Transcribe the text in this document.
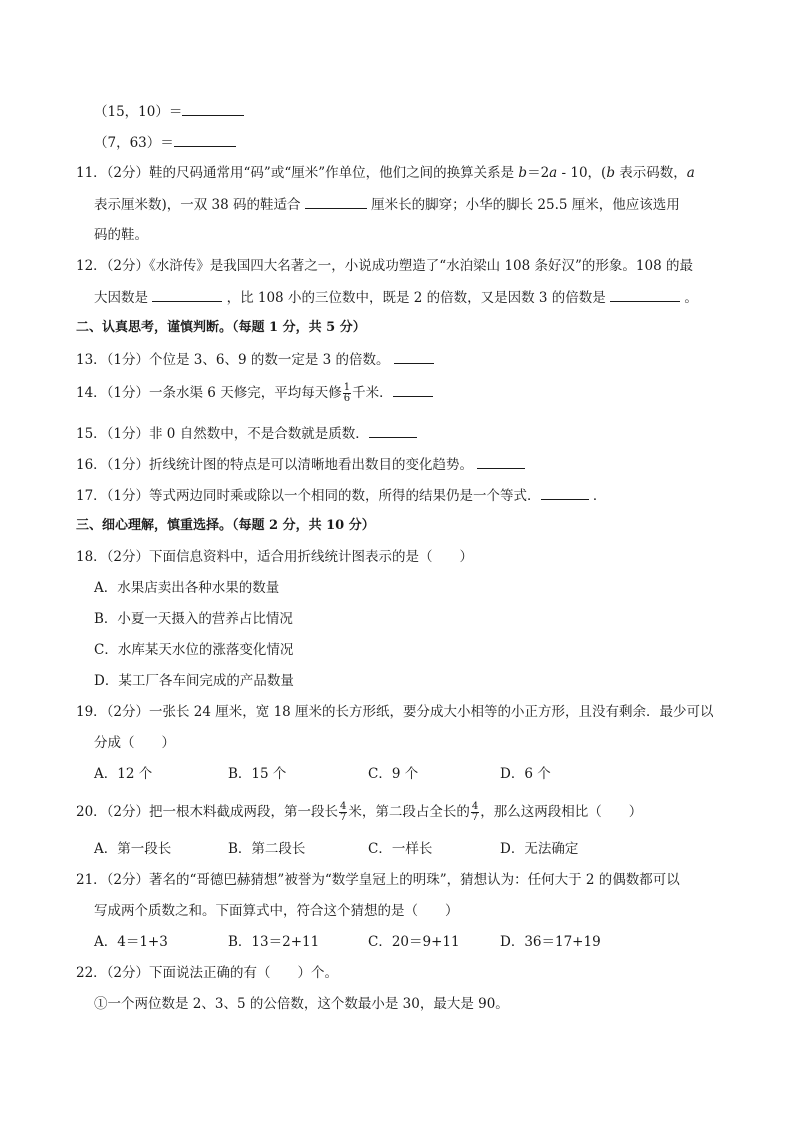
（15，10）＝
（7，63）＝
11．（2分）鞋的尺码通常用“码”或“厘米”作单位，他们之间的换算关系是 b＝2a - 10，(b 表示码数，a
表示厘米数)，一双 38 码的鞋适合	厘米长的脚穿；小华的脚长 25.5 厘米，他应该选用
码的鞋。
12．（2分）《水浒传》是我国四大名著之一，小说成功塑造了“水泊梁山 108 条好汉”的形象。108 的最
大因数是	，比 108 小的三位数中，既是 2 的倍数，又是因数 3 的倍数是	。
二、认真思考，谨慎判断。（每题 1 分，共 5 分）
13．（1分）个位是 3、6、9 的数一定是 3 的倍数。
14．（1分）一条水渠 6 天修完，平均每天修 $\frac{1}{6}$ 千米．
15．（1分）非 0 自然数中，不是合数就是质数．
16．（1分）折线统计图的特点是可以清晰地看出数目的变化趋势。
17．（1分）等式两边同时乘或除以一个相同的数，所得的结果仍是一个等式．	．
三、细心理解，慎重选择。（每题 2 分，共 10 分）
18．（2分）下面信息资料中，适合用折线统计图表示的是（　　）
A．水果店卖出各种水果的数量
B．小夏一天摄入的营养占比情况
C．水库某天水位的涨落变化情况
D．某工厂各车间完成的产品数量
19．（2分）一张长 24 厘米，宽 18 厘米的长方形纸，要分成大小相等的小正方形，且没有剩余．最少可以
分成（　　）
A．12 个	B．15 个	C．9 个	D．6 个
20．（2分）把一根木料截成两段，第一段长 $\frac{4}{7}$ 米，第二段占全长的 $\frac{4}{7}$ ，那么这两段相比（　　）
A．第一段长	B．第二段长	C．一样长	D．无法确定
21．（2分）著名的“哥德巴赫猜想”被誉为“数学皇冠上的明珠”，猜想认为：任何大于 2 的偶数都可以
写成两个质数之和。下面算式中，符合这个猜想的是（　　）
A．4＝1+3	B．13＝2+11	C．20＝9+11	D．36＝17+19
22．（2分）下面说法正确的有（　　）个。
①一个两位数是 2、3、5 的公倍数，这个数最小是 30，最大是 90。
